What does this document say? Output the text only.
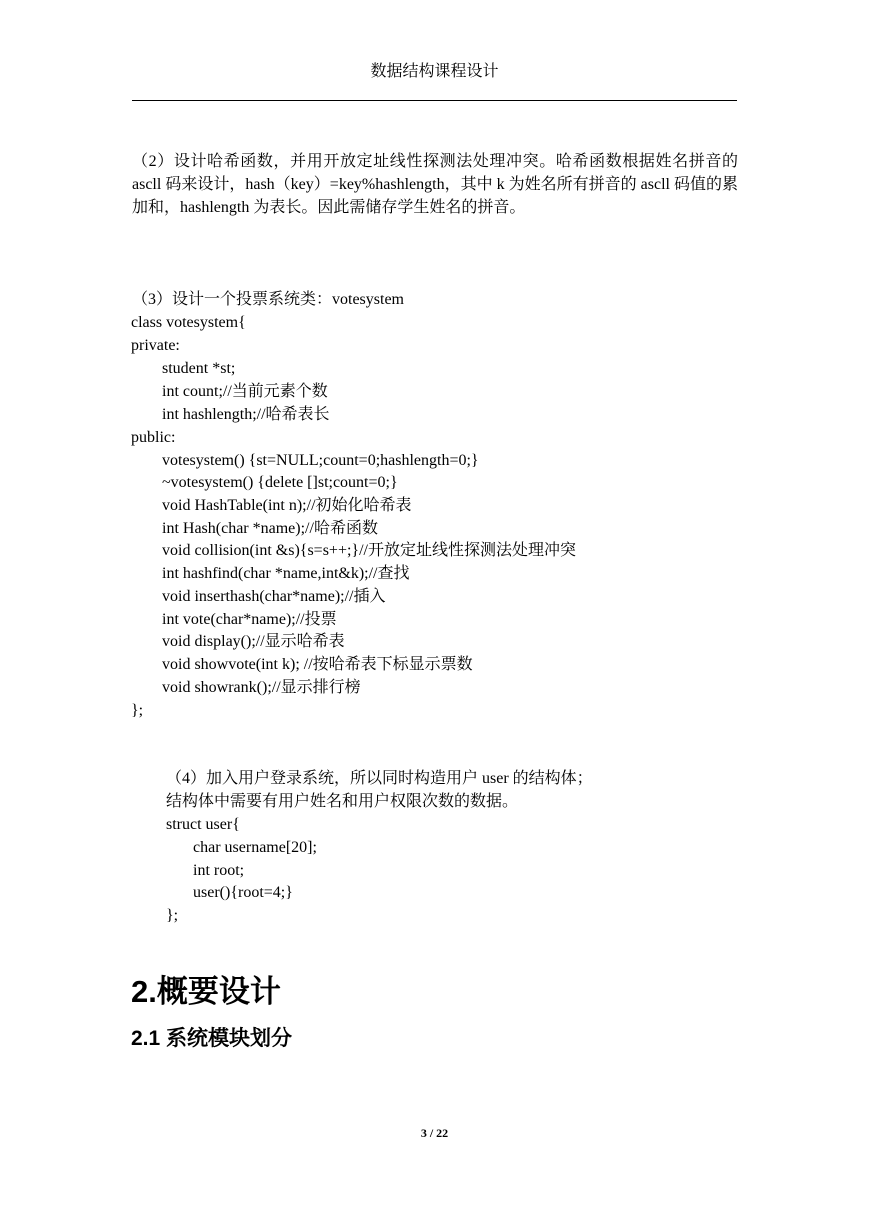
数据结构课程设计

（2）设计哈希函数，并用开放定址线性探测法处理冲突。哈希函数根据姓名拼音的 ascll 码来设计，hash（key）=key%hashlength，其中 k 为姓名所有拼音的 ascll 码值的累加和，hashlength 为表长。因此需储存学生姓名的拼音。

（3）设计一个投票系统类：votesystem
class votesystem{
private:
student *st;
int count;//当前元素个数
int hashlength;//哈希表长
public:
votesystem() {st=NULL;count=0;hashlength=0;}
~votesystem() {delete []st;count=0;}
void HashTable(int n);//初始化哈希表
int Hash(char *name);//哈希函数
void collision(int &s){s=s++;}//开放定址线性探测法处理冲突
int hashfind(char *name,int&k);//查找
void inserthash(char*name);//插入
int vote(char*name);//投票
void display();//显示哈希表
void showvote(int k); //按哈希表下标显示票数
void showrank();//显示排行榜
};
（4）加入用户登录系统，所以同时构造用户 user 的结构体；
结构体中需要有用户姓名和用户权限次数的数据。
struct user{
char username[20];
int root;
user(){root=4;}
};
2.概要设计
2.1 系统模块划分
3 / 22
